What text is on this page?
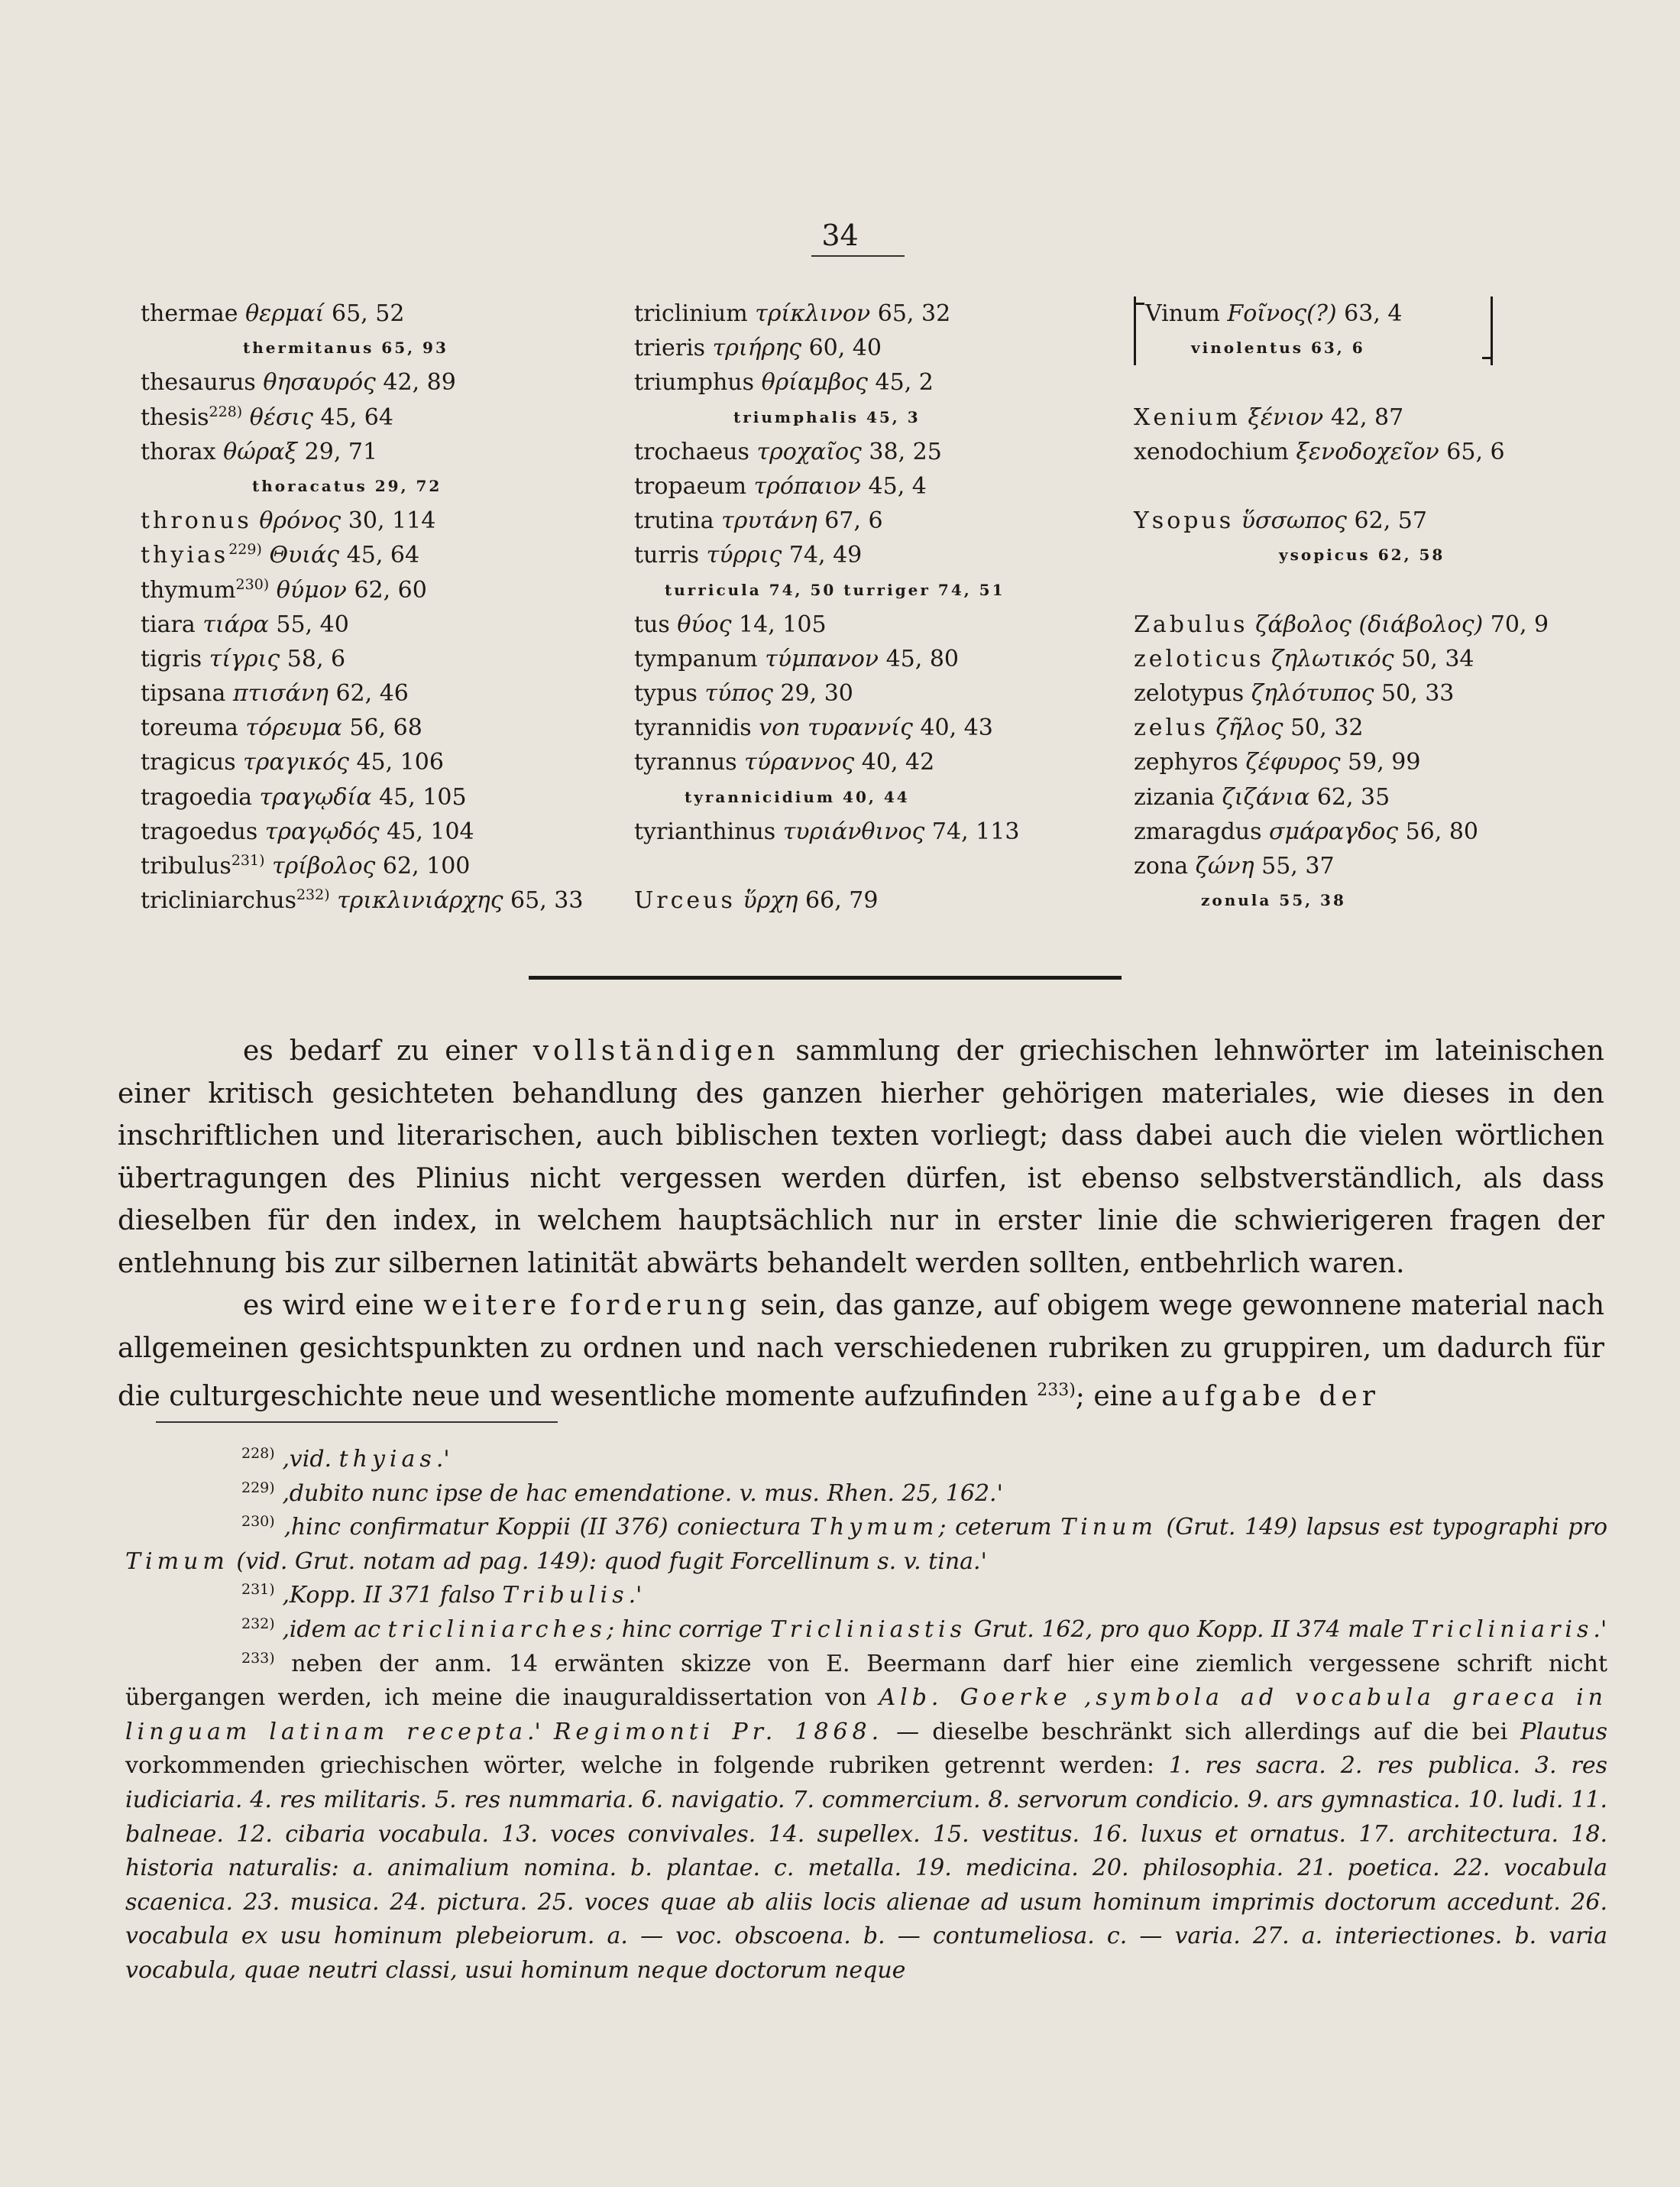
34
thermae θερμαί 65, 52
thermitanus 65, 93
thesaurus θησαυρός 42, 89
thesis$^{228)}$ θέσις 45, 64
thorax θώραξ 29, 71
thoracatus 29, 72
thronus θρόνος 30, 114
thyias$^{229)}$ Θυιάς 45, 64
thymum$^{230)}$ θύμον 62, 60
tiara τιάρα 55, 40
tigris τίγρις 58, 6
tipsana πτισάνη 62, 46
toreuma τόρευμα 56, 68
tragicus τραγικός 45, 106
tragoedia τραγῳδία 45, 105
tragoedus τραγῳδός 45, 104
tribulus$^{231)}$ τρίβολος 62, 100
tricliniarchus$^{232)}$ τρικλινιάρχης 65, 33
triclinium τρίκλινον 65, 32
trieris τριήρης 60, 40
triumphus θρίαμβος 45, 2
triumphalis 45, 3
trochaeus τροχαῖος 38, 25
tropaeum τρόπαιον 45, 4
trutina τρυτάνη 67, 6
turris τύρρις 74, 49
turricula 74, 50 turriger 74, 51
tus θύος 14, 105
tympanum τύμπανον 45, 80
typus τύπος 29, 30
tyrannidis von τυραννίς 40, 43
tyrannus τύραννος 40, 42
tyrannicidium 40, 44
tyrianthinus τυριάνθινος 74, 113
Urceus ὕρχη 66, 79
Vinum Fοῖνος(?) 63, 4
vinolentus 63, 6
Xenium ξένιον 42, 87
xenodochium ξενοδοχεῖον 65, 6
Ysopus ὕσσωπος 62, 57
ysopicus 62, 58
Zabulus ζάβολος (διάβολος) 70, 9
zeloticus ζηλωτικός 50, 34
zelotypus ζηλότυπος 50, 33
zelus ζῆλος 50, 32
zephyros ζέφυρος 59, 99
zizania ζιζάνια 62, 35
zmaragdus σμάραγδος 56, 80
zona ζώνη 55, 37
zonula 55, 38

es bedarf zu einer vollständigen sammlung der griechischen lehnwörter im lateinischen einer kritisch gesichteten behandlung des ganzen hierher gehörigen materiales, wie dieses in den inschriftlichen und literarischen, auch biblischen texten vorliegt; dass dabei auch die vielen wörtlichen übertragungen des Plinius nicht vergessen werden dürfen, ist ebenso selbstverständlich, als dass dieselben für den index, in welchem hauptsächlich nur in erster linie die schwierigeren fragen der entlehnung bis zur silbernen latinität abwärts behandelt werden sollten, entbehrlich waren.

es wird eine weitere forderung sein, das ganze, auf obigem wege gewonnene material nach allgemeinen gesichtspunkten zu ordnen und nach verschiedenen rubriken zu gruppiren, um dadurch für die culturgeschichte neue und wesentliche momente aufzufinden $^{233)}$; eine aufgabe der

$^{228)}$ ‚vid. thyias.'

$^{229)}$ ‚dubito nunc ipse de hac emendatione. v. mus. Rhen. 25, 162.'

$^{230)}$ ‚hinc confirmatur Koppii (II 376) coniectura Thymum; ceterum Tinum (Grut. 149) lapsus est typographi pro Timum (vid. Grut. notam ad pag. 149): quod fugit Forcellinum s. v. tina.'

$^{231)}$ ‚Kopp. II 371 falso Tribulis.'

$^{232)}$ ‚idem ac tricliniarches; hinc corrige Tricliniastis Grut. 162, pro quo Kopp. II 374 male Tricliniaris.'

$^{233)}$ neben der anm. 14 erwänten skizze von E. Beermann darf hier eine ziemlich vergessene schrift nicht übergangen werden, ich meine die inauguraldissertation von Alb. Goerke ‚symbola ad vocabula graeca in linguam latinam recepta.' Regimonti Pr. 1868. — dieselbe beschränkt sich allerdings auf die bei Plautus vorkommenden griechischen wörter, welche in folgende rubriken getrennt werden: 1. res sacra. 2. res publica. 3. res iudiciaria. 4. res militaris. 5. res nummaria. 6. navigatio. 7. commercium. 8. servorum condicio. 9. ars gymnastica. 10. ludi. 11. balneae. 12. cibaria vocabula. 13. voces convivales. 14. supellex. 15. vestitus. 16. luxus et ornatus. 17. architectura. 18. historia naturalis: a. animalium nomina. b. plantae. c. metalla. 19. medicina. 20. philosophia. 21. poetica. 22. vocabula scaenica. 23. musica. 24. pictura. 25. voces quae ab aliis locis alienae ad usum hominum imprimis doctorum accedunt. 26. vocabula ex usu hominum plebeiorum. a. — voc. obscoena. b. — contumeliosa. c. — varia. 27. a. interiectiones. b. varia vocabula, quae neutri classi, usui hominum neque doctorum neque
